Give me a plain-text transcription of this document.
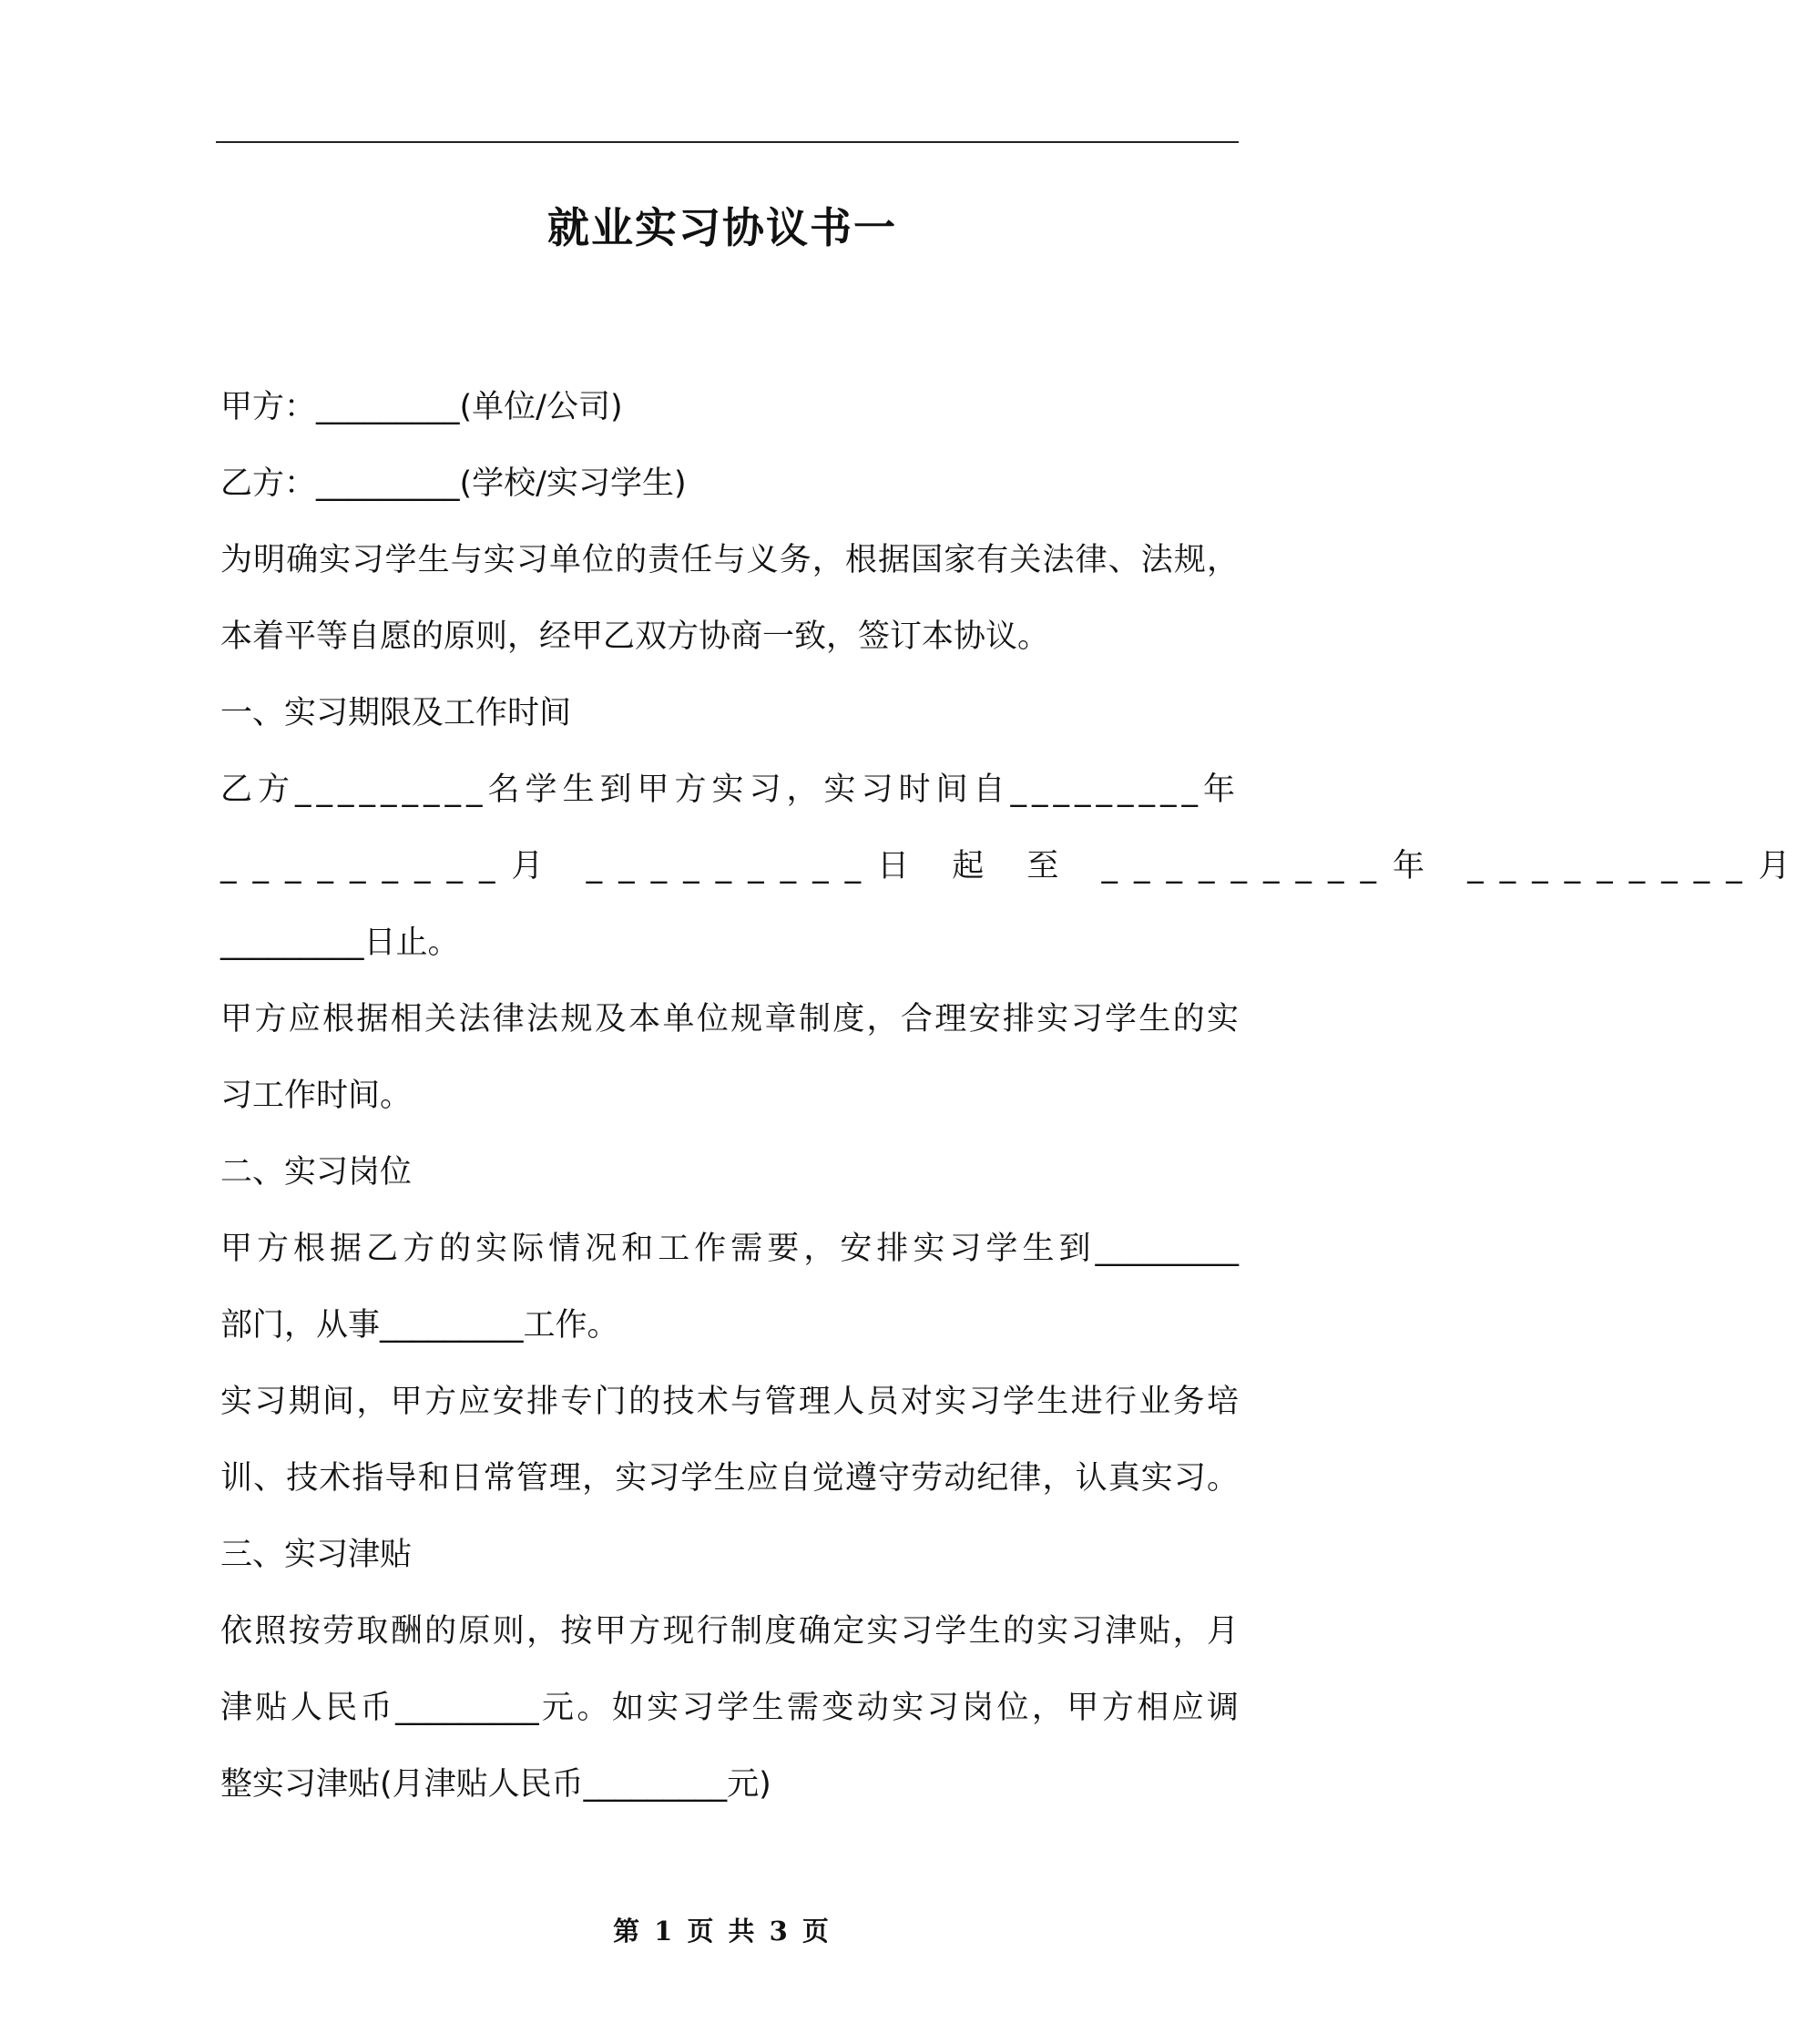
就业实习协议书一
甲方：_________(单位/公司)
乙方：_________(学校/实习学生)
为明确实习学生与实习单位的责任与义务，根据国家有关法律、法规，
本着平等自愿的原则，经甲乙双方协商一致，签订本协议。
一、实习期限及工作时间
乙方_________名学生到甲方实习，实习时间自_________年
_________月 _________日 起 至 _________年 _________月
_________日止。
甲方应根据相关法律法规及本单位规章制度，合理安排实习学生的实
习工作时间。
二、实习岗位
甲方根据乙方的实际情况和工作需要，安排实习学生到_________
部门，从事_________工作。
实习期间，甲方应安排专门的技术与管理人员对实习学生进行业务培
训、技术指导和日常管理，实习学生应自觉遵守劳动纪律，认真实习。
三、实习津贴
依照按劳取酬的原则，按甲方现行制度确定实习学生的实习津贴，月
津贴人民币_________元。如实习学生需变动实习岗位，甲方相应调
整实习津贴(月津贴人民币_________元)
第 1 页 共 3 页
